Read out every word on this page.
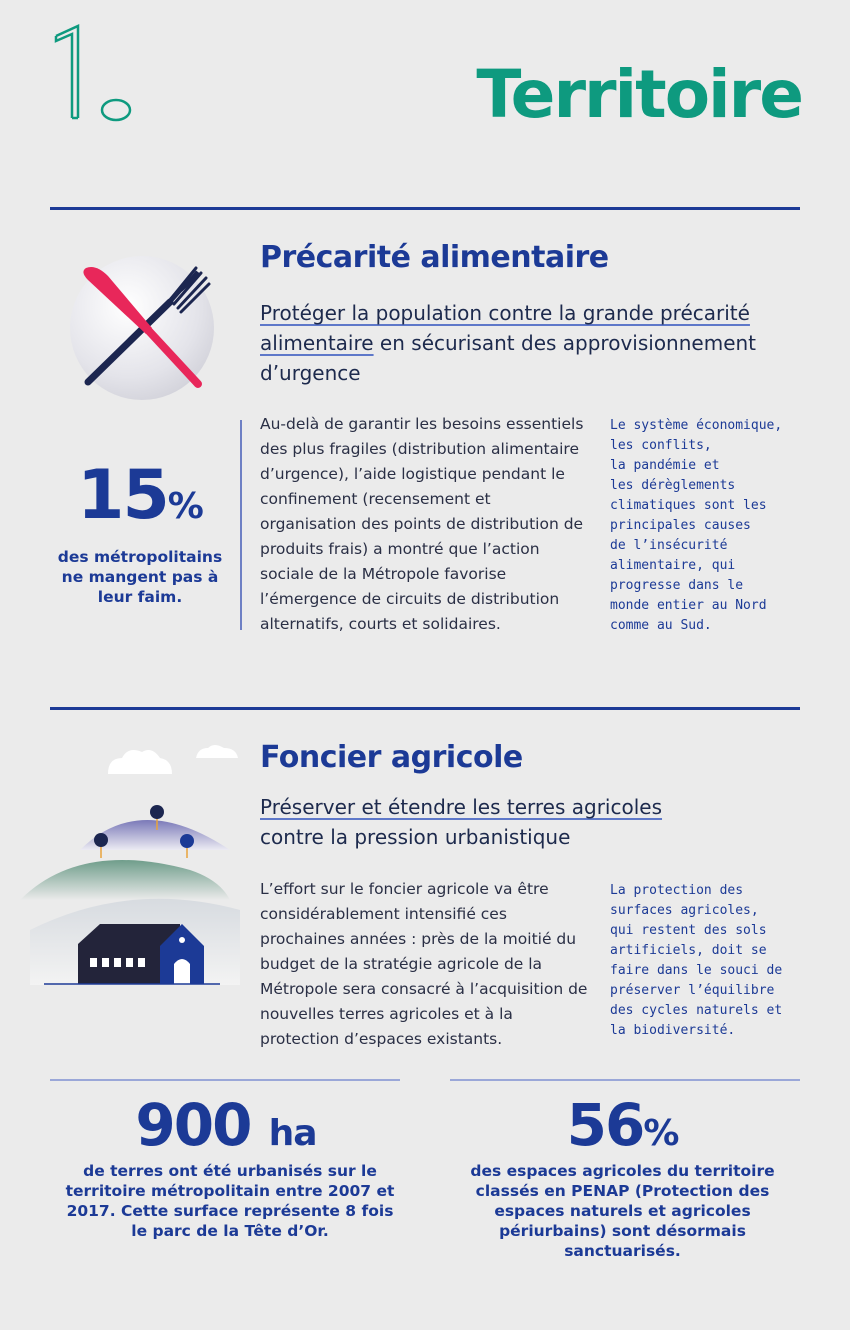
Territoire
Précarité alimentaire

Protéger la population contre la grande précarité alimentaire en sécurisant des approvisionnement d’urgence

15%

des métropolitains ne mangent pas à leur faim.

Au-delà de garantir les besoins essentiels des plus fragiles (distribution alimentaire d’urgence), l’aide logistique pendant le confinement (recensement et organisation des points de distribution de produits frais) a montré que l’action sociale de la Métropole favorise l’émergence de circuits de distribution alternatifs, courts et solidaires.

Le système économique,
les conflits,
la pandémie et
les dérèglements
climatiques sont les
principales causes
de l’insécurité
alimentaire, qui
progresse dans le
monde entier au Nord
comme au Sud.

Foncier agricole

Préserver et étendre les terres agricoles
contre la pression urbanistique

L’effort sur le foncier agricole va être considérablement intensifié ces prochaines années : près de la moitié du budget de la stratégie agricole de la Métropole sera consacré à l’acquisition de nouvelles terres agricoles et à la protection d’espaces existants.

La protection des
surfaces agricoles,
qui restent des sols
artificiels, doit se
faire dans le souci de
préserver l’équilibre
des cycles naturels et
la biodiversité.

900 ha

de terres ont été urbanisés sur le territoire métropolitain entre 2007 et 2017. Cette surface représente 8 fois le parc de la Tête d’Or.

56%

des espaces agricoles du territoire classés en PENAP (Protection des espaces naturels et agricoles périurbains) sont désormais sanctuarisés.
